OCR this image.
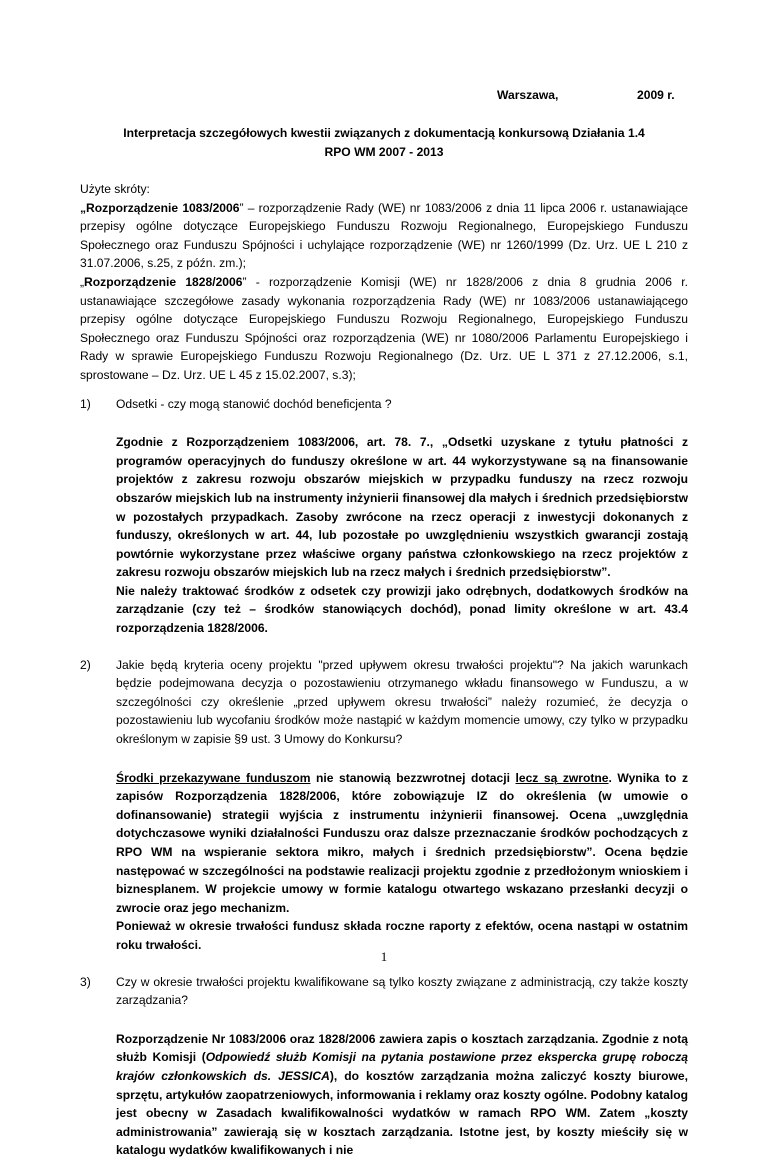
Warszawa,	2009 r.
Interpretacja szczegółowych kwestii związanych z dokumentacją konkursową Działania 1.4
RPO WM 2007 - 2013

Użyte skróty:

„Rozporządzenie 1083/2006” – rozporządzenie Rady (WE) nr 1083/2006 z dnia 11 lipca 2006 r. ustanawiające przepisy ogólne dotyczące Europejskiego Funduszu Rozwoju Regionalnego, Europejskiego Funduszu Społecznego oraz Funduszu Spójności i uchylające rozporządzenie (WE) nr 1260/1999 (Dz. Urz. UE L 210 z 31.07.2006, s.25, z późn. zm.);

„Rozporządzenie 1828/2006” - rozporządzenie Komisji (WE) nr 1828/2006 z dnia 8 grudnia 2006 r. ustanawiające szczegółowe zasady wykonania rozporządzenia Rady (WE) nr 1083/2006 ustanawiającego przepisy ogólne dotyczące Europejskiego Funduszu Rozwoju Regionalnego, Europejskiego Funduszu Społecznego oraz Funduszu Spójności oraz rozporządzenia (WE) nr 1080/2006 Parlamentu Europejskiego i Rady w sprawie Europejskiego Funduszu Rozwoju Regionalnego (Dz. Urz. UE L 371 z 27.12.2006, s.1, sprostowane – Dz. Urz. UE L 45 z 15.02.2007, s.3);

1) Odsetki - czy mogą stanowić dochód beneficjenta ?

Zgodnie z Rozporządzeniem 1083/2006, art. 78. 7., „Odsetki uzyskane z tytułu płatności z programów operacyjnych do funduszy określone w art. 44 wykorzystywane są na finansowanie projektów z zakresu rozwoju obszarów miejskich w przypadku funduszy na rzecz rozwoju obszarów miejskich lub na instrumenty inżynierii finansowej dla małych i średnich przedsiębiorstw w pozostałych przypadkach. Zasoby zwrócone na rzecz operacji z inwestycji dokonanych z funduszy, określonych w art. 44, lub pozostałe po uwzględnieniu wszystkich gwarancji zostają powtórnie wykorzystane przez właściwe organy państwa członkowskiego na rzecz projektów z zakresu rozwoju obszarów miejskich lub na rzecz małych i średnich przedsiębiorstw”.

Nie należy traktować środków z odsetek czy prowizji jako odrębnych, dodatkowych środków na zarządzanie (czy też – środków stanowiących dochód), ponad limity określone w art. 43.4 rozporządzenia 1828/2006.

2) Jakie będą kryteria oceny projektu "przed upływem okresu trwałości projektu"? Na jakich warunkach będzie podejmowana decyzja o pozostawieniu otrzymanego wkładu finansowego w Funduszu, a w szczególności czy określenie „przed upływem okresu trwałości” należy rozumieć, że decyzja o pozostawieniu lub wycofaniu środków może nastąpić w każdym momencie umowy, czy tylko w przypadku określonym w zapisie §9 ust. 3 Umowy do Konkursu?

Środki przekazywane funduszom nie stanowią bezzwrotnej dotacji lecz są zwrotne. Wynika to z zapisów Rozporządzenia 1828/2006, które zobowiązuje IZ do określenia (w umowie o dofinansowanie) strategii wyjścia z instrumentu inżynierii finansowej. Ocena „uwzględnia dotychczasowe wyniki działalności Funduszu oraz dalsze przeznaczanie środków pochodzących z RPO WM na wspieranie sektora mikro, małych i średnich przedsiębiorstw”. Ocena będzie następować w szczególności na podstawie realizacji projektu zgodnie z przedłożonym wnioskiem i biznesplanem. W projekcie umowy w formie katalogu otwartego wskazano przesłanki decyzji o zwrocie oraz jego mechanizm.

Ponieważ w okresie trwałości fundusz składa roczne raporty z efektów, ocena nastąpi w ostatnim roku trwałości.

3) Czy w okresie trwałości projektu kwalifikowane są tylko koszty związane z administracją, czy także koszty zarządzania?

Rozporządzenie Nr 1083/2006 oraz 1828/2006 zawiera zapis o kosztach zarządzania. Zgodnie z notą służb Komisji (Odpowiedź służb Komisji na pytania postawione przez ekspercka grupę roboczą krajów członkowskich ds. JESSICA), do kosztów zarządzania można zaliczyć koszty biurowe, sprzętu, artykułów zaopatrzeniowych, informowania i reklamy oraz koszty ogólne. Podobny katalog jest obecny w Zasadach kwalifikowalności wydatków w ramach RPO WM. Zatem „koszty administrowania” zawierają się w kosztach zarządzania. Istotne jest, by koszty mieściły się w katalogu wydatków kwalifikowanych i nie

1
